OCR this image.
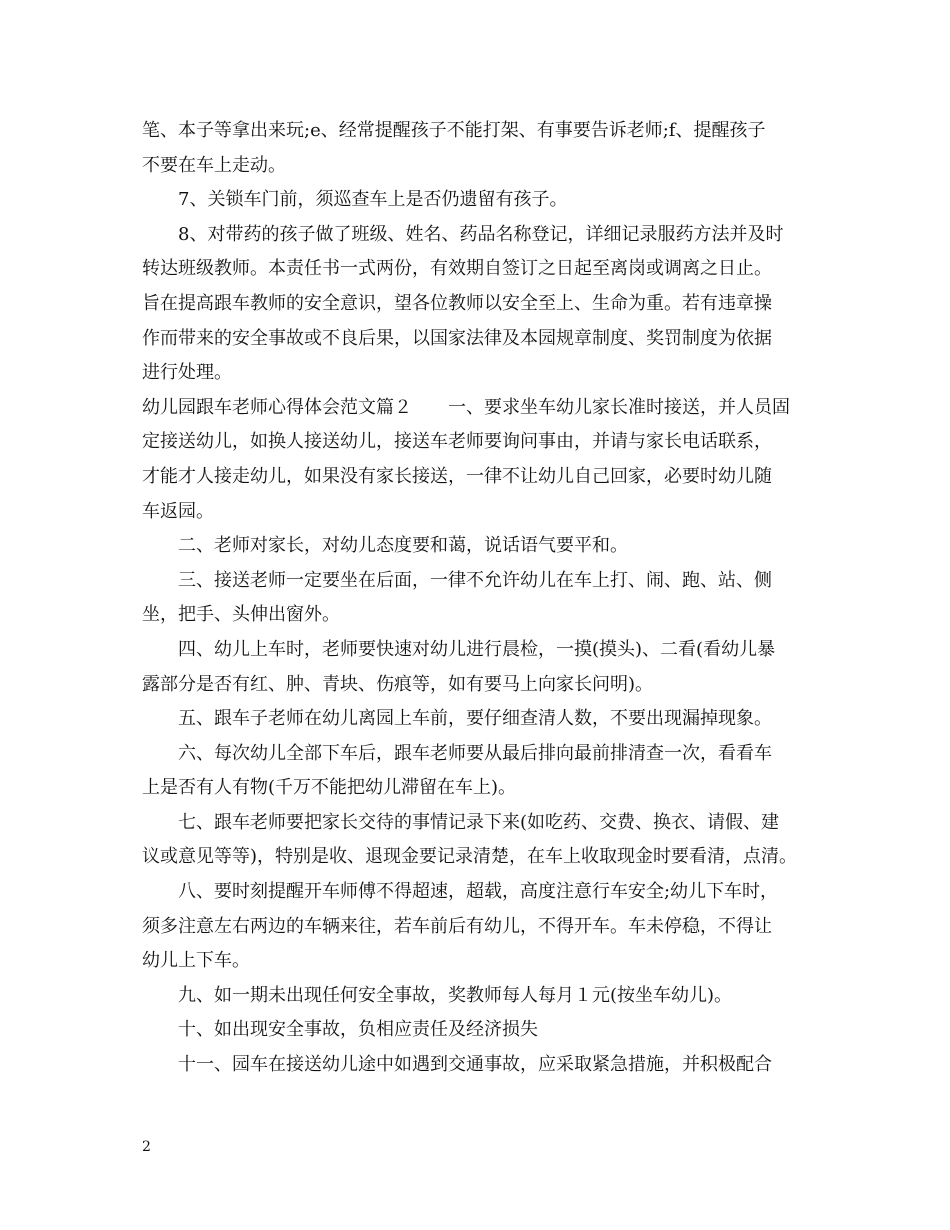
笔、本子等拿出来玩;e、经常提醒孩子不能打架、有事要告诉老师;f、提醒孩子
不要在车上走动。
7、关锁车门前，须巡查车上是否仍遗留有孩子。
8、对带药的孩子做了班级、姓名、药品名称登记，详细记录服药方法并及时
转达班级教师。本责任书一式两份，有效期自签订之日起至离岗或调离之日止。
旨在提高跟车教师的安全意识，望各位教师以安全至上、生命为重。若有违章操
作而带来的安全事故或不良后果，以国家法律及本园规章制度、奖罚制度为依据
进行处理。
幼儿园跟车老师心得体会范文篇２　　一、要求坐车幼儿家长准时接送，并人员固
定接送幼儿，如换人接送幼儿，接送车老师要询问事由，并请与家长电话联系，
才能才人接走幼儿，如果没有家长接送，一律不让幼儿自己回家，必要时幼儿随
车返园。
二、老师对家长，对幼儿态度要和蔼，说话语气要平和。
三、接送老师一定要坐在后面，一律不允许幼儿在车上打、闹、跑、站、侧
坐，把手、头伸出窗外。
四、幼儿上车时，老师要快速对幼儿进行晨检，一摸(摸头)、二看(看幼儿暴
露部分是否有红、肿、青块、伤痕等，如有要马上向家长问明)。
五、跟车子老师在幼儿离园上车前，要仔细查清人数，不要出现漏掉现象。
六、每次幼儿全部下车后，跟车老师要从最后排向最前排清查一次，看看车
上是否有人有物(千万不能把幼儿滞留在车上)。
七、跟车老师要把家长交待的事情记录下来(如吃药、交费、换衣、请假、建
议或意见等等)，特别是收、退现金要记录清楚，在车上收取现金时要看清，点清。
八、要时刻提醒开车师傅不得超速，超载，高度注意行车安全;幼儿下车时，
须多注意左右两边的车辆来往，若车前后有幼儿，不得开车。车未停稳，不得让
幼儿上下车。
九、如一期未出现任何安全事故，奖教师每人每月１元(按坐车幼儿)。
十、如出现安全事故，负相应责任及经济损失
十一、园车在接送幼儿途中如遇到交通事故，应采取紧急措施，并积极配合
2
